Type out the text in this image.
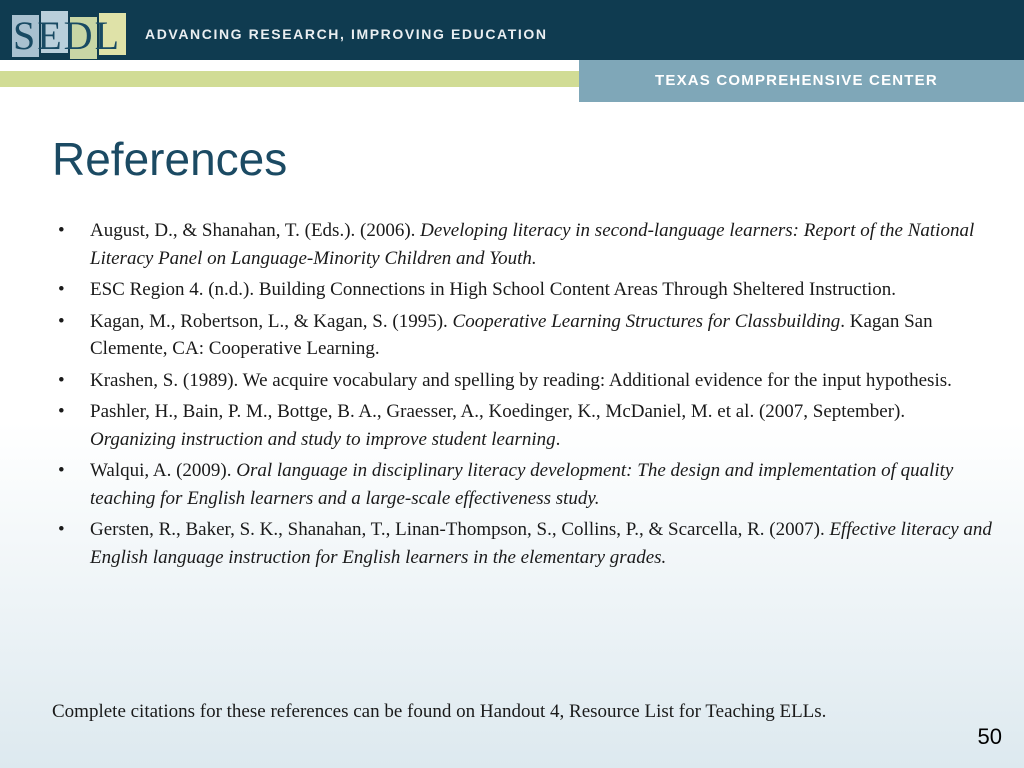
SEDL	ADVANCING RESEARCH, IMPROVING EDUCATION
TEXAS COMPREHENSIVE CENTER
References
• August, D., & Shanahan, T. (Eds.). (2006). Developing literacy in second-language learners: Report of the National Literacy Panel on Language-Minority Children and Youth.
• ESC Region 4. (n.d.). Building Connections in High School Content Areas Through Sheltered Instruction.
• Kagan, M., Robertson, L., & Kagan, S. (1995). Cooperative Learning Structures for Classbuilding. Kagan San Clemente, CA: Cooperative Learning.
• Krashen, S. (1989). We acquire vocabulary and spelling by reading: Additional evidence for the input hypothesis.
• Pashler, H., Bain, P. M., Bottge, B. A., Graesser, A., Koedinger, K., McDaniel, M. et al. (2007, September). Organizing instruction and study to improve student learning.
• Walqui, A. (2009). Oral language in disciplinary literacy development: The design and implementation of quality teaching for English learners and a large-scale effectiveness study.
• Gersten, R., Baker, S. K., Shanahan, T., Linan-Thompson, S., Collins, P., & Scarcella, R. (2007). Effective literacy and English language instruction for English learners in the elementary grades.

Complete citations for these references can be found on Handout 4, Resource List for Teaching ELLs.

50
